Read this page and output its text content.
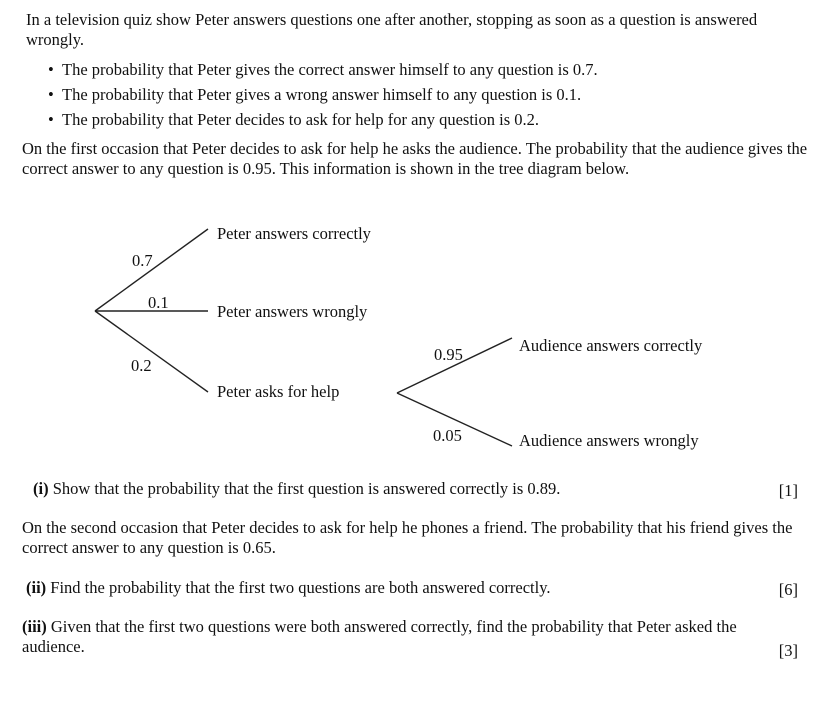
In a television quiz show Peter answers questions one after another, stopping as soon as a question is answered wrongly.
• The probability that Peter gives the correct answer himself to any question is 0.7.
• The probability that Peter gives a wrong answer himself to any question is 0.1.
• The probability that Peter decides to ask for help for any question is 0.2.
On the first occasion that Peter decides to ask for help he asks the audience. The probability that the audience gives the correct answer to any question is 0.95. This information is shown in the tree diagram below.
0.7
0.1
0.2
Peter answers correctly
Peter answers wrongly
Peter asks for help
0.95
0.05
Audience answers correctly
Audience answers wrongly
(i) Show that the probability that the first question is answered correctly is 0.89.	[1]
On the second occasion that Peter decides to ask for help he phones a friend. The probability that his friend gives the correct answer to any question is 0.65.
(ii) Find the probability that the first two questions are both answered correctly.	[6]
(iii) Given that the first two questions were both answered correctly, find the probability that Peter asked the audience.	[3]
